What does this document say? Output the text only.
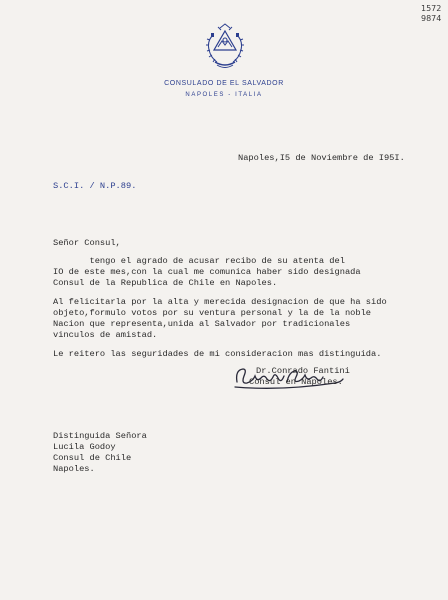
1572
9874
CONSULADO DE EL SALVADOR
NAPOLES - ITALIA
Napoles,I5 de Noviembre de I95I.
S.C.I. / N.P.89.
Señor Consul,
tengo el agrado de acusar recibo de su atenta del
IO de este mes,con la cual me comunica haber sido designada
Consul de la Republica de Chile en Napoles.
Al felicitarla por la alta y merecida designacion de que ha sido
objeto,formulo votos por su ventura personal y la de la noble
Nacion que representa,unida al Salvador por tradicionales
vinculos de amistad.
Le reitero las seguridades de mi consideracion mas distinguida.
Dr.Conrado Fantini
Consul en Napoles.
Distinguida Señora
Lucila Godoy
Consul de Chile
Napoles.
